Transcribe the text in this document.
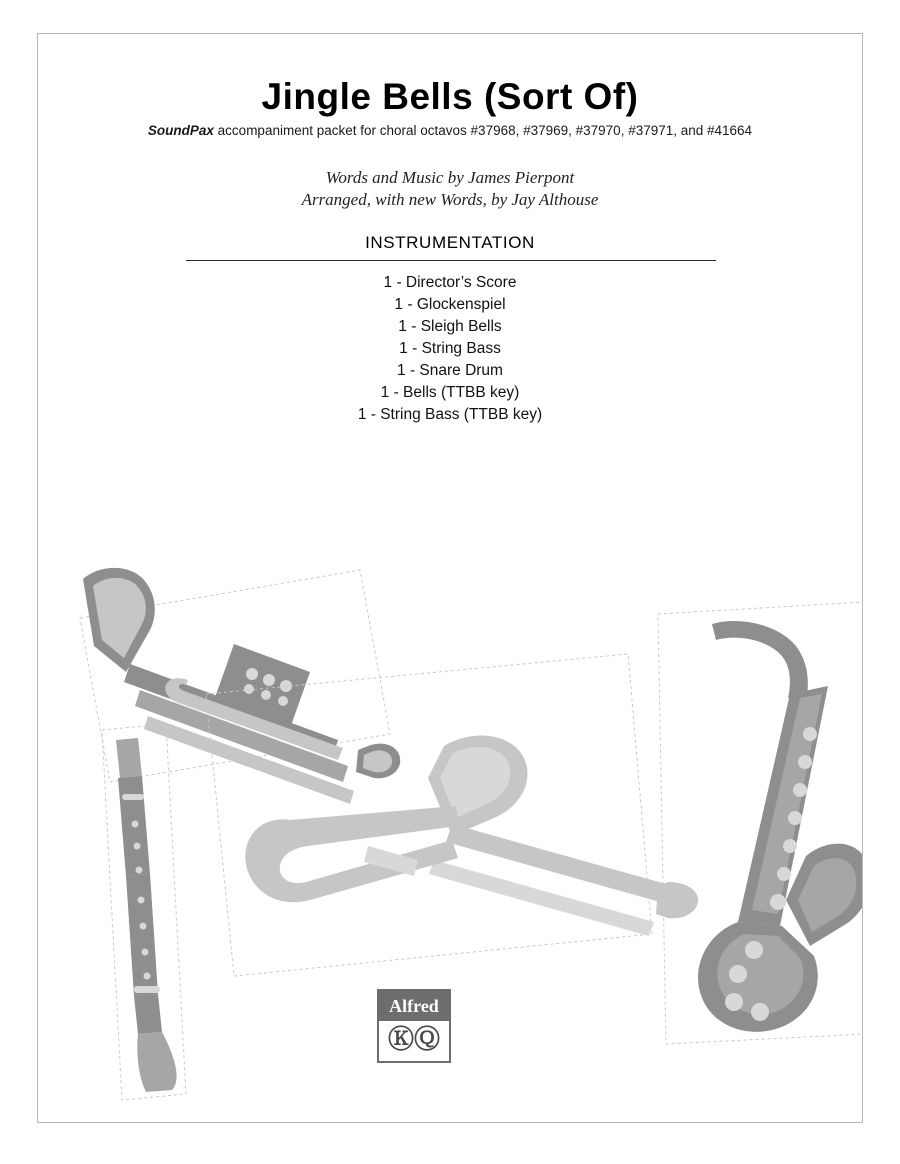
Jingle Bells (Sort Of)
SoundPax accompaniment packet for choral octavos #37968, #37969, #37970, #37971, and #41664
Words and Music by James Pierpont
Arranged, with new Words, by Jay Althouse
INSTRUMENTATION
1 - Director’s Score
1 - Glockenspiel
1 - Sleigh Bells
1 - String Bass
1 - Snare Drum
1 - Bells (TTBB key)
1 - String Bass (TTBB key)
Alfred
ⓀⓆ
